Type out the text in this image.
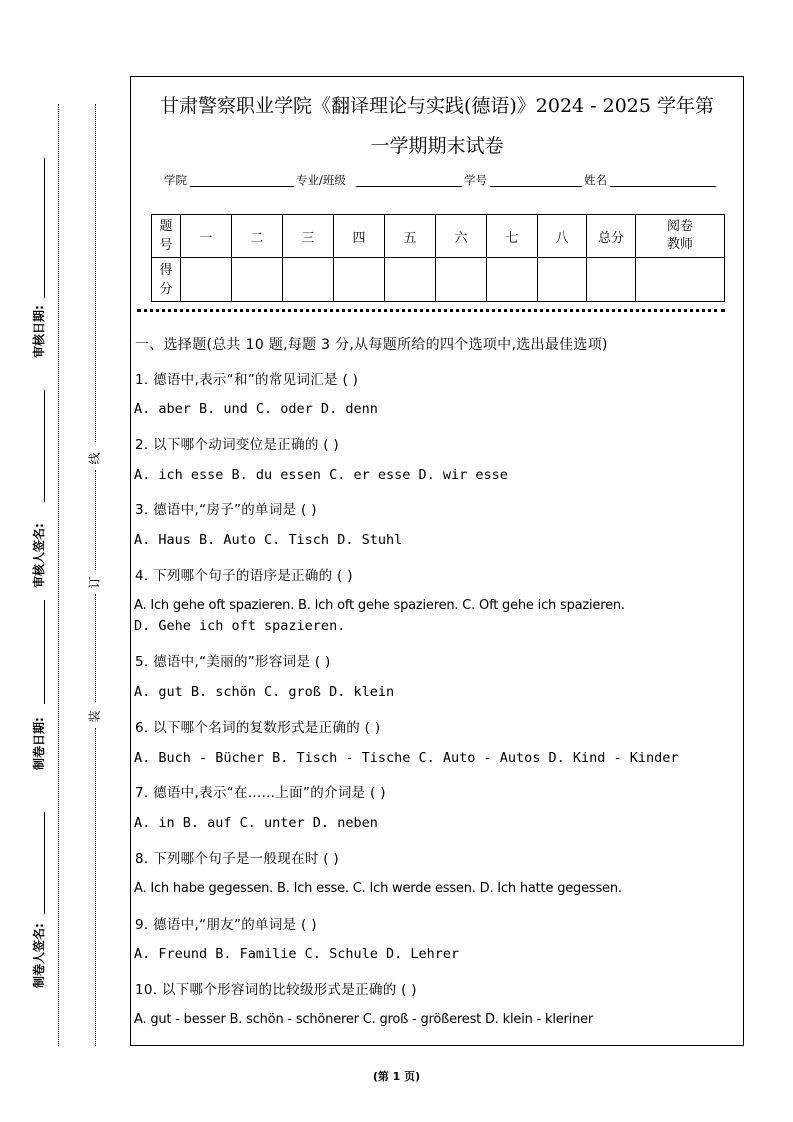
审核日期:
审核人签名:
制卷日期:
制卷人签名:
线
订
装
甘肃警察职业学院《翻译理论与实践(德语)》2024 - 2025 学年第
一学期期末试卷
学院	专业/班级	学号	姓名
题号	一	二	三	四	五	六	七	八	总分	阅卷教师
得分										
一、选择题(总共 10 题,每题 3 分,从每题所给的四个选项中,选出最佳选项)
1. 德语中,表示“和”的常见词汇是 ( )
A. aber B. und C. oder D. denn
2. 以下哪个动词变位是正确的 ( )
A. ich esse B. du essen C. er esse D. wir esse
3. 德语中,“房子”的单词是 ( )
A. Haus B. Auto C. Tisch D. Stuhl
4. 下列哪个句子的语序是正确的 ( )
A. Ich gehe oft spazieren. B. Ich oft gehe spazieren. C. Oft gehe ich spazieren.
D. Gehe ich oft spazieren.
5. 德语中,“美丽的”形容词是 ( )
A. gut B. schön C. groß D. klein
6. 以下哪个名词的复数形式是正确的 ( )
A. Buch - Bücher B. Tisch - Tische C. Auto - Autos D. Kind - Kinder
7. 德语中,表示“在……上面”的介词是 ( )
A. in B. auf C. unter D. neben
8. 下列哪个句子是一般现在时 ( )
A. Ich habe gegessen. B. Ich esse. C. Ich werde essen. D. Ich hatte gegessen.
9. 德语中,“朋友”的单词是 ( )
A. Freund B. Familie C. Schule D. Lehrer
10. 以下哪个形容词的比较级形式是正确的 ( )
A. gut - besser B. schön - schönerer C. groß - größerest D. klein - kleriner
(第 1 页)
